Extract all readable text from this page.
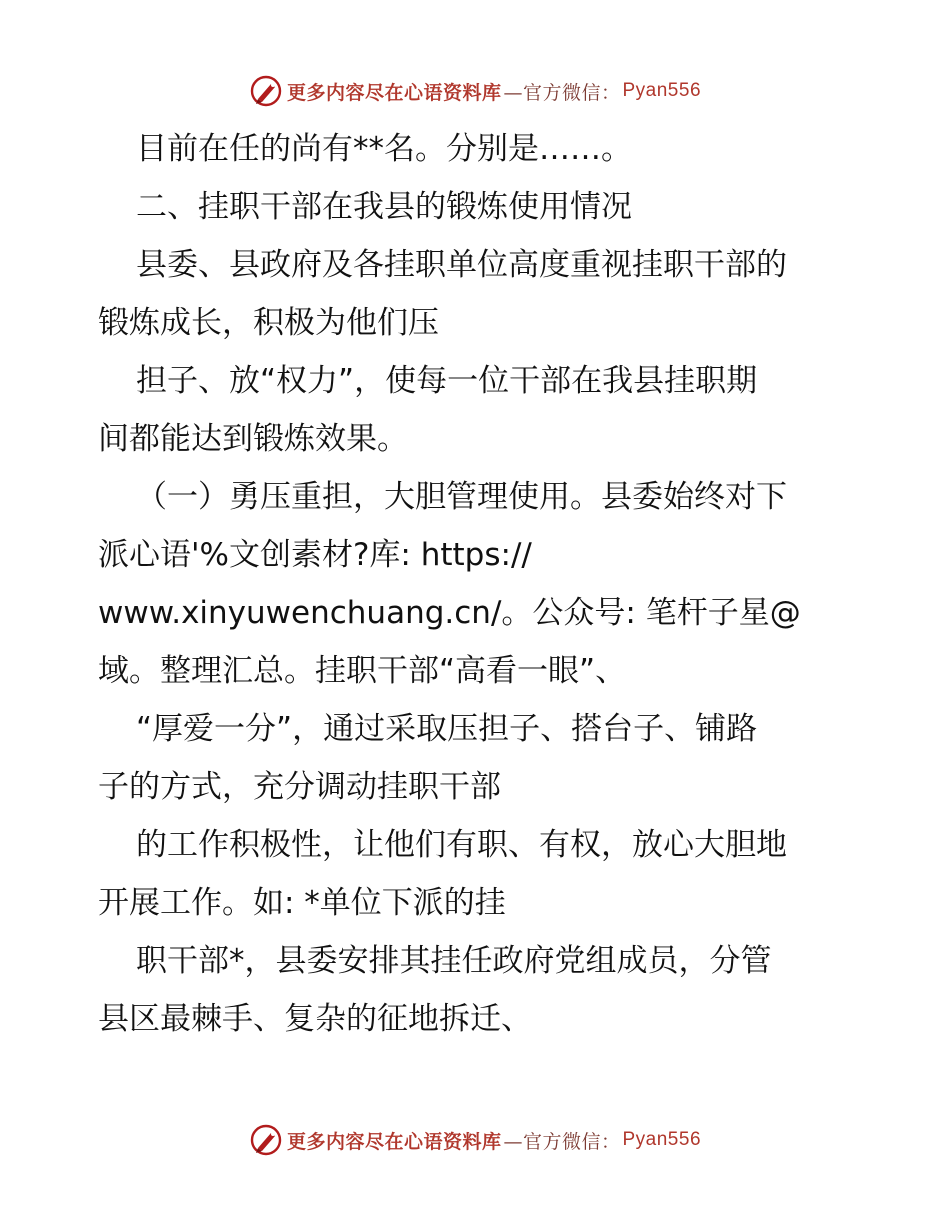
更多内容尽在心语资料库 —官方微信： Pyan556
目前在任的尚有**名。分别是……。
二、挂职干部在我县的锻炼使用情况
县委、县政府及各挂职单位高度重视挂职干部的
锻炼成长，积极为他们压
担子、放“权力”，使每一位干部在我县挂职期
间都能达到锻炼效果。
（一）勇压重担，大胆管理使用。县委始终对下
派心语'%文创素材?库: https://
www.xinyuwenchuang.cn/。公众号: 笔杆子星@
域。整理汇总。挂职干部“高看一眼”、
“厚爱一分”，通过采取压担子、搭台子、铺路
子的方式，充分调动挂职干部
的工作积极性，让他们有职、有权，放心大胆地
开展工作。如: *单位下派的挂
职干部*，县委安排其挂任政府党组成员，分管
县区最棘手、复杂的征地拆迁、
更多内容尽在心语资料库 —官方微信： Pyan556
